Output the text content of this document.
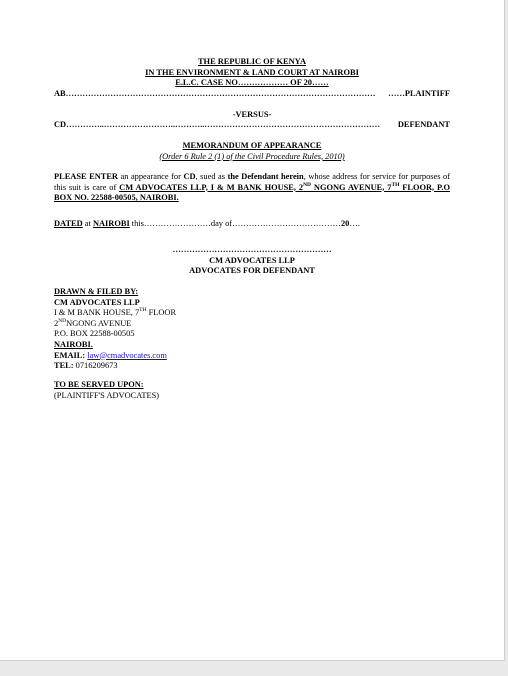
THE REPUBLIC OF KENYA
IN THE ENVIRONMENT & LAND COURT AT NAIROBI
E.L.C. CASE NO……………… OF 20……
AB …………………………………………………………………………………………………	……PLAINTIFF
-VERSUS-
CD …………..……………………..………..………………………………………………………	DEFENDANT
MEMORANDUM OF APPEARANCE
(Order 6 Rule 2 (1) of the Civil Procedure Rules, 2010)
PLEASE ENTER an appearance for CD, sued as the Defendant herein, whose address for service for purposes of this suit is care of CM ADVOCATES LLP, I & M BANK HOUSE, 2ND NGONG AVENUE, 7TH FLOOR, P.O BOX NO. 22588-00505, NAIROBI.
DATED at NAIROBI this……………………day of…………………………………20….
…………………………………………………
CM ADVOCATES LLP
ADVOCATES FOR DEFENDANT
DRAWN & FILED BY:
CM ADVOCATES LLP
I & M BANK HOUSE, 7TH FLOOR
2NDNGONG AVENUE
P.O. BOX 22588-00505
NAIROBI.
EMAIL: law@cmadvocates.com
TEL: 0716209673
TO BE SERVED UPON:
(PLAINTIFF'S ADVOCATES)
